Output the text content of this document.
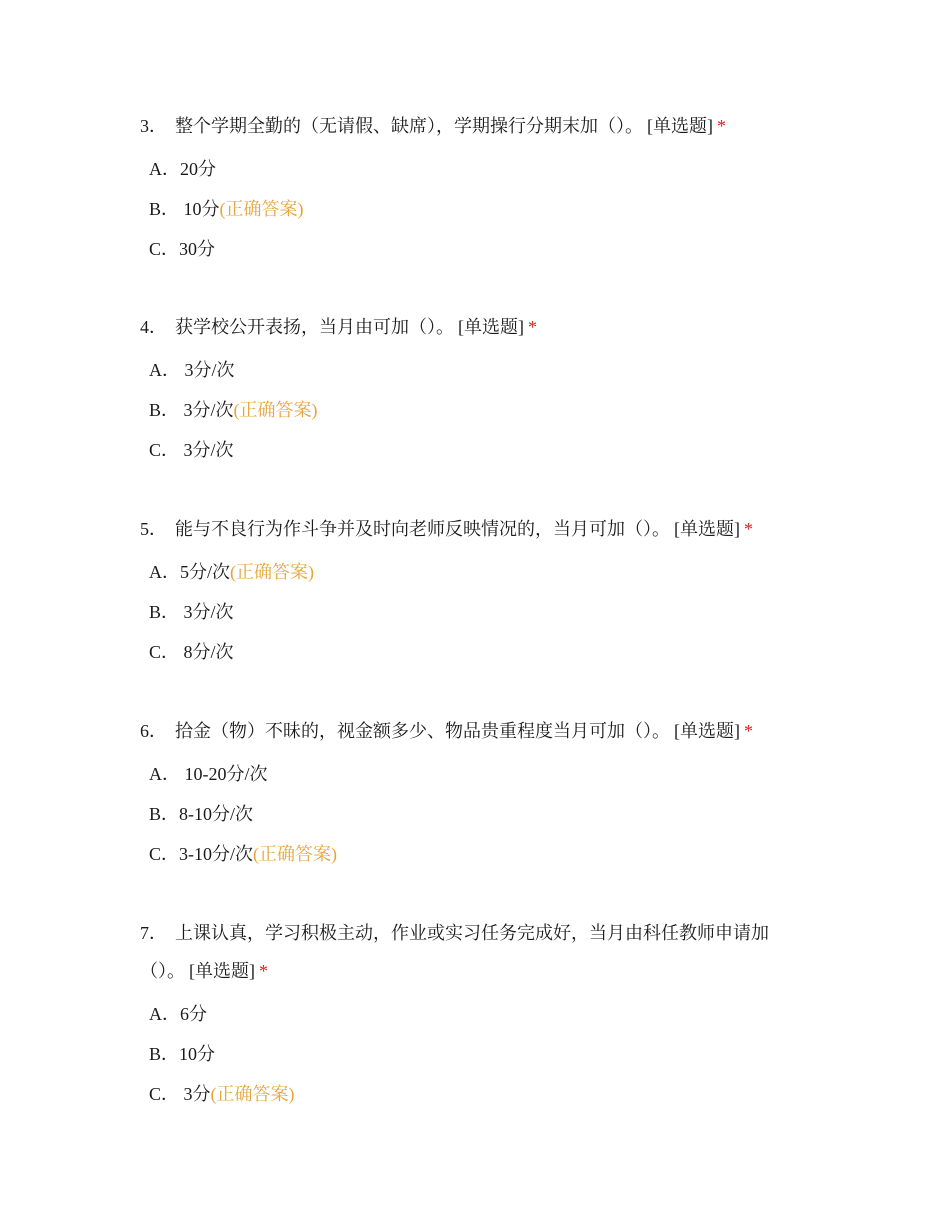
3． 整个学期全勤的（无请假、缺席），学期操行分期末加（）。 [单选题] *

A．20分
B． 10分(正确答案)
C．30分

4． 获学校公开表扬，当月由可加（）。 [单选题] *

A． 3分/次
B． 3分/次(正确答案)
C． 3分/次

5． 能与不良行为作斗争并及时向老师反映情况的，当月可加（）。 [单选题] *

A．5分/次(正确答案)
B． 3分/次
C． 8分/次

6． 拾金（物）不昧的，视金额多少、物品贵重程度当月可加（）。 [单选题] *

A． 10-20分/次
B．8-10分/次
C．3-10分/次(正确答案)

7． 上课认真，学习积极主动，作业或实习任务完成好，当月由科任教师申请加（）。 [单选题] *

A．6分
B．10分
C． 3分(正确答案)
